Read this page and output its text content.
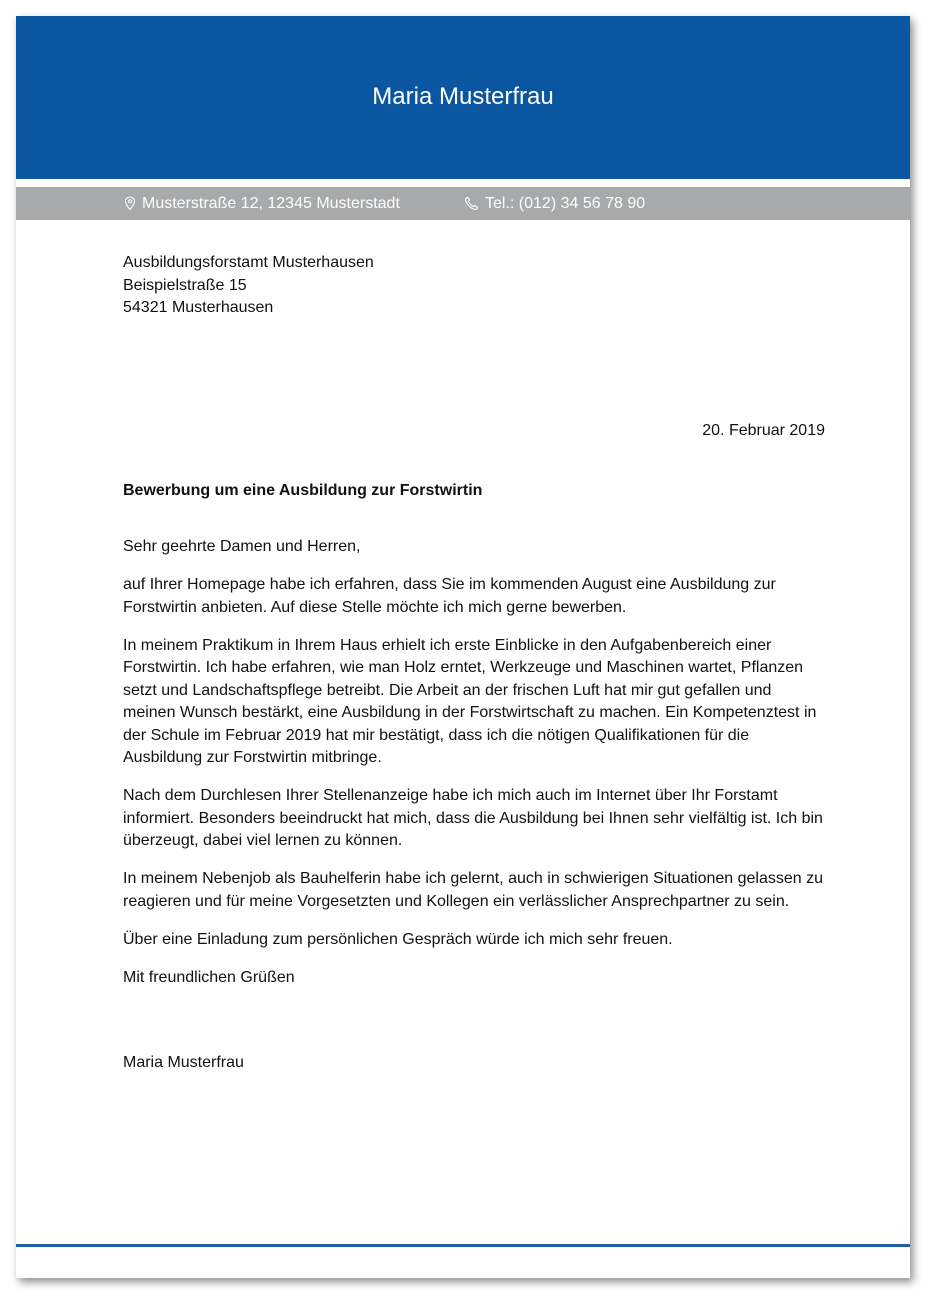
Maria Musterfrau
Musterstraße 12, 12345 Musterstadt	Tel.: (012) 34 56 78 90
Ausbildungsforstamt Musterhausen
Beispielstraße 15
54321 Musterhausen
20. Februar 2019
Bewerbung um eine Ausbildung zur Forstwirtin

Sehr geehrte Damen und Herren,

auf Ihrer Homepage habe ich erfahren, dass Sie im kommenden August eine Ausbildung zur Forstwirtin anbieten. Auf diese Stelle möchte ich mich gerne bewerben.

In meinem Praktikum in Ihrem Haus erhielt ich erste Einblicke in den Aufgabenbereich einer Forstwirtin. Ich habe erfahren, wie man Holz erntet, Werkzeuge und Maschinen wartet, Pflanzen setzt und Landschaftspflege betreibt. Die Arbeit an der frischen Luft hat mir gut gefallen und meinen Wunsch bestärkt, eine Ausbildung in der Forstwirtschaft zu machen. Ein Kompetenztest in der Schule im Februar 2019 hat mir bestätigt, dass ich die nötigen Qualifikationen für die Ausbildung zur Forstwirtin mitbringe.

Nach dem Durchlesen Ihrer Stellenanzeige habe ich mich auch im Internet über Ihr Forstamt informiert. Besonders beeindruckt hat mich, dass die Ausbildung bei Ihnen sehr vielfältig ist. Ich bin überzeugt, dabei viel lernen zu können.

In meinem Nebenjob als Bauhelferin habe ich gelernt, auch in schwierigen Situationen gelassen zu reagieren und für meine Vorgesetzten und Kollegen ein verlässlicher Ansprechpartner zu sein.

Über eine Einladung zum persönlichen Gespräch würde ich mich sehr freuen.

Mit freundlichen Grüßen

Maria Musterfrau
